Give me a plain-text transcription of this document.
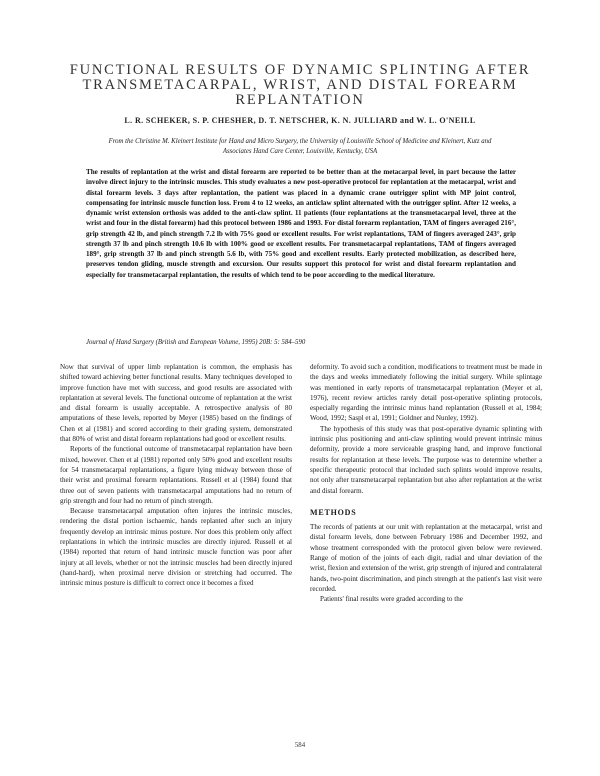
FUNCTIONAL RESULTS OF DYNAMIC SPLINTING AFTER TRANSMETACARPAL, WRIST, AND DISTAL FOREARM REPLANTATION
L. R. SCHEKER, S. P. CHESHER, D. T. NETSCHER, K. N. JULLIARD and W. L. O'NEILL
From the Christine M. Kleinert Institute for Hand and Micro Surgery, the University of Louisville School of Medicine and Kleinert, Kutz and Associates Hand Care Center, Louisville, Kentucky, USA
The results of replantation at the wrist and distal forearm are reported to be better than at the metacarpal level, in part because the latter involve direct injury to the intrinsic muscles. This study evaluates a new post-operative protocol for replantation at the metacarpal, wrist and distal forearm levels. 3 days after replantation, the patient was placed in a dynamic crane outrigger splint with MP joint control, compensating for intrinsic muscle function loss. From 4 to 12 weeks, an anticlaw splint alternated with the outrigger splint. After 12 weeks, a dynamic wrist extension orthosis was added to the anti-claw splint. 11 patients (four replantations at the transmetacarpal level, three at the wrist and four in the distal forearm) had this protocol between 1986 and 1993. For distal forearm replantation, TAM of fingers averaged 216°, grip strength 42 lb, and pinch strength 7.2 lb with 75% good or excellent results. For wrist replantations, TAM of fingers averaged 243°, grip strength 37 lb and pinch strength 10.6 lb with 100% good or excellent results. For transmetacarpal replantations, TAM of fingers averaged 189°, grip strength 37 lb and pinch strength 5.6 lb, with 75% good and excellent results. Early protected mobilization, as described here, preserves tendon gliding, muscle strength and excursion. Our results support this protocol for wrist and distal forearm replantation and especially for transmetacarpal replantation, the results of which tend to be poor according to the medical literature.
Journal of Hand Surgery (British and European Volume, 1995) 20B: 5: 584–590

Now that survival of upper limb replantation is common, the emphasis has shifted toward achieving better functional results. Many techniques developed to improve function have met with success, and good results are associated with replantation at several levels. The functional outcome of replantation at the wrist and distal forearm is usually acceptable. A retrospective analysis of 80 amputations of these levels, reported by Meyer (1985) based on the findings of Chen et al (1981) and scored according to their grading system, demonstrated that 80% of wrist and distal forearm replantations had good or excellent results.

Reports of the functional outcome of transmetacarpal replantation have been mixed, however. Chen et al (1981) reported only 50% good and excellent results for 54 transmetacarpal replantations, a figure lying midway between those of their wrist and proximal forearm replantations. Russell et al (1984) found that three out of seven patients with transmetacarpal amputations had no return of grip strength and four had no return of pinch strength.

Because transmetacarpal amputation often injures the intrinsic muscles, rendering the distal portion ischaemic, hands replanted after such an injury frequently develop an intrinsic minus posture. Nor does this problem only affect replantations in which the intrinsic muscles are directly injured. Russell et al (1984) reported that return of hand intrinsic muscle function was poor after injury at all levels, whether or not the intrinsic muscles had been directly injured (hand-hard), when proximal nerve division or stretching had occurred. The intrinsic minus posture is difficult to correct once it becomes a fixed

deformity. To avoid such a condition, modifications to treatment must be made in the days and weeks immediately following the initial surgery. While splintage was mentioned in early reports of transmetacarpal replantation (Meyer et al, 1976), recent review articles rarely detail post-operative splinting protocols, especially regarding the intrinsic minus hand replantation (Russell et al, 1984; Wood, 1992; Saspl et al, 1991; Goldner and Nunley, 1992).

The hypothesis of this study was that post-operative dynamic splinting with intrinsic plus positioning and anti-claw splinting would prevent intrinsic minus deformity, provide a more serviceable grasping hand, and improve functional results for replantation at these levels. The purpose was to determine whether a specific therapeutic protocol that included such splints would improve results, not only after transmetacarpal replantation but also after replantation at the wrist and distal forearm.

METHODS

The records of patients at our unit with replantation at the metacarpal, wrist and distal forearm levels, done between February 1986 and December 1992, and whose treatment corresponded with the protocol given below were reviewed. Range of motion of the joints of each digit, radial and ulnar deviation of the wrist, flexion and extension of the wrist, grip strength of injured and contralateral hands, two-point discrimination, and pinch strength at the patient's last visit were recorded.

Patients' final results were graded according to the

584
